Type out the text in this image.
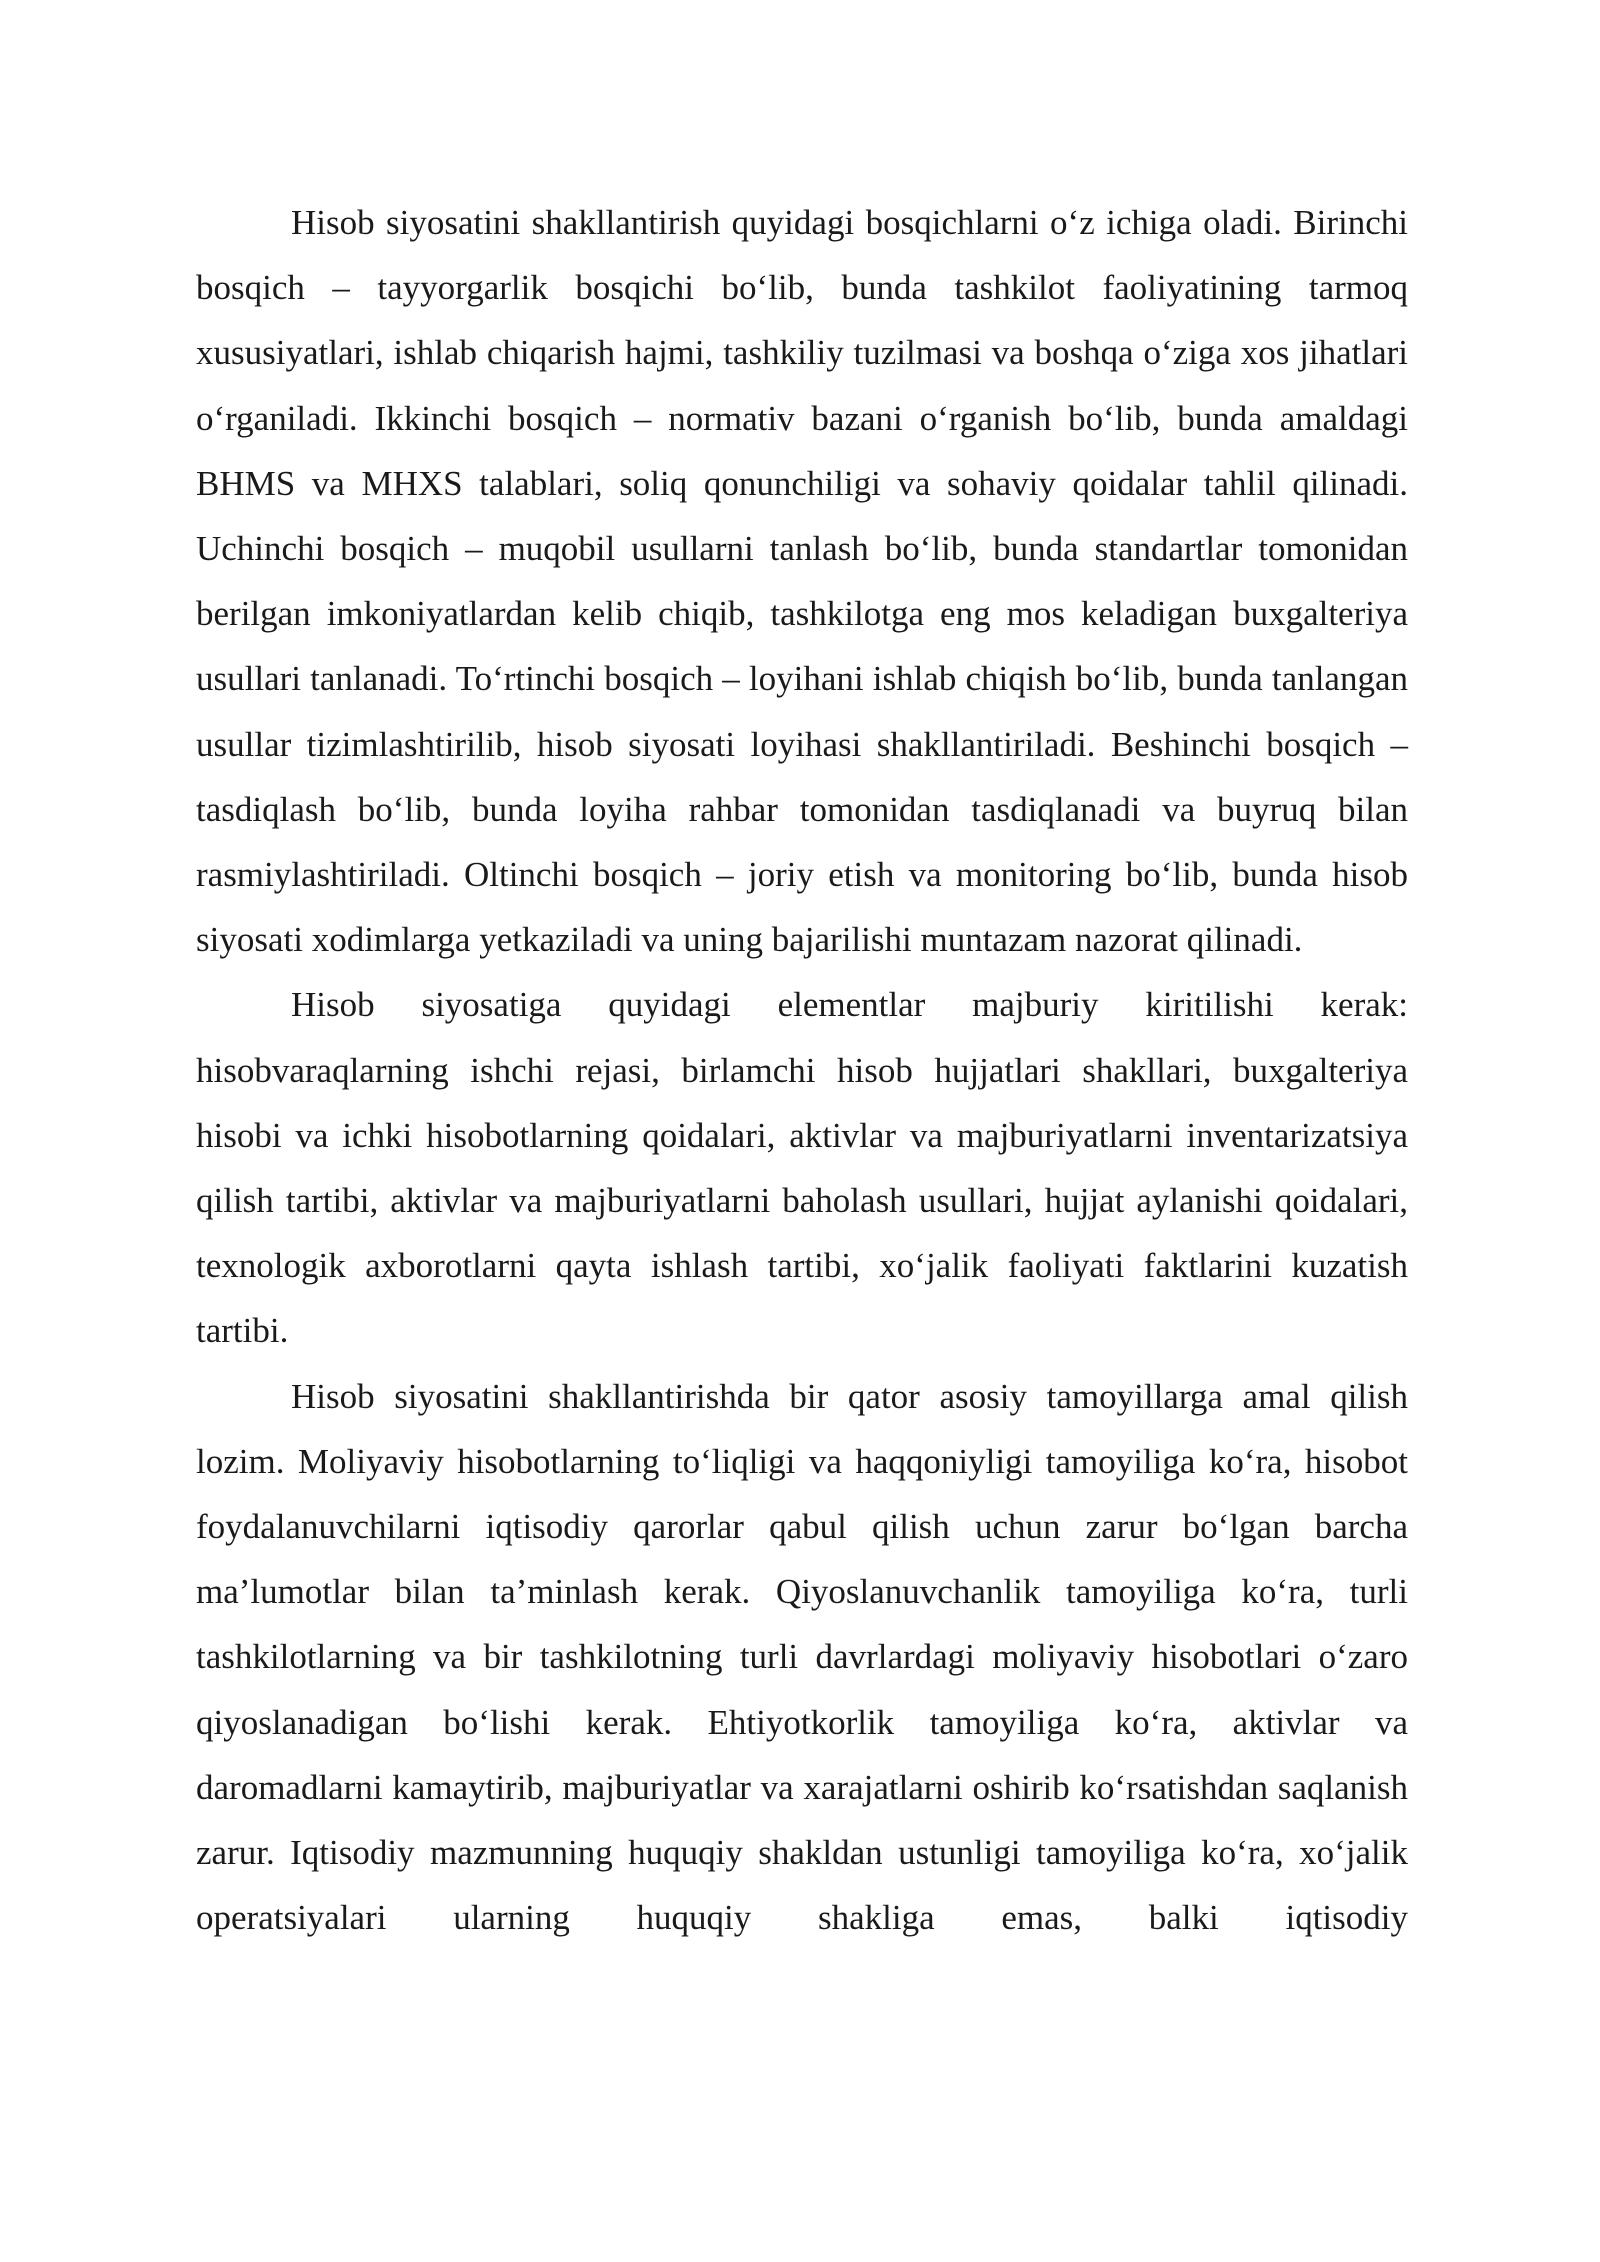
Hisob siyosatini shakllantirish quyidagi bosqichlarni o‘z ichiga oladi. Birinchi bosqich – tayyorgarlik bosqichi bo‘lib, bunda tashkilot faoliyatining tarmoq xususiyatlari, ishlab chiqarish hajmi, tashkiliy tuzilmasi va boshqa o‘ziga xos jihatlari o‘rganiladi. Ikkinchi bosqich – normativ bazani o‘rganish bo‘lib, bunda amaldagi BHMS va MHXS talablari, soliq qonunchiligi va sohaviy qoidalar tahlil qilinadi. Uchinchi bosqich – muqobil usullarni tanlash bo‘lib, bunda standartlar tomonidan berilgan imkoniyatlardan kelib chiqib, tashkilotga eng mos keladigan buxgalteriya usullari tanlanadi. To‘rtinchi bosqich – loyihani ishlab chiqish bo‘lib, bunda tanlangan usullar tizimlashtirilib, hisob siyosati loyihasi shakllantiriladi. Beshinchi bosqich – tasdiqlash bo‘lib, bunda loyiha rahbar tomonidan tasdiqlanadi va buyruq bilan rasmiylashtiriladi. Oltinchi bosqich – joriy etish va monitoring bo‘lib, bunda hisob siyosati xodimlarga yetkaziladi va uning bajarilishi muntazam nazorat qilinadi.

Hisob siyosatiga quyidagi elementlar majburiy kiritilishi kerak: hisobvaraqlarning ishchi rejasi, birlamchi hisob hujjatlari shakllari, buxgalteriya hisobi va ichki hisobotlarning qoidalari, aktivlar va majburiyatlarni inventarizatsiya qilish tartibi, aktivlar va majburiyatlarni baholash usullari, hujjat aylanishi qoidalari, texnologik axborotlarni qayta ishlash tartibi, xo‘jalik faoliyati faktlarini kuzatish tartibi.

Hisob siyosatini shakllantirishda bir qator asosiy tamoyillarga amal qilish lozim. Moliyaviy hisobotlarning to‘liqligi va haqqoniyligi tamoyiliga ko‘ra, hisobot foydalanuvchilarni iqtisodiy qarorlar qabul qilish uchun zarur bo‘lgan barcha ma’lumotlar bilan ta’minlash kerak. Qiyoslanuvchanlik tamoyiliga ko‘ra, turli tashkilotlarning va bir tashkilotning turli davrlardagi moliyaviy hisobotlari o‘zaro qiyoslanadigan bo‘lishi kerak. Ehtiyotkorlik tamoyiliga ko‘ra, aktivlar va daromadlarni kamaytirib, majburiyatlar va xarajatlarni oshirib ko‘rsatishdan saqlanish zarur. Iqtisodiy mazmunning huquqiy shakldan ustunligi tamoyiliga ko‘ra, xo‘jalik operatsiyalari ularning huquqiy shakliga emas, balki iqtisodiy
